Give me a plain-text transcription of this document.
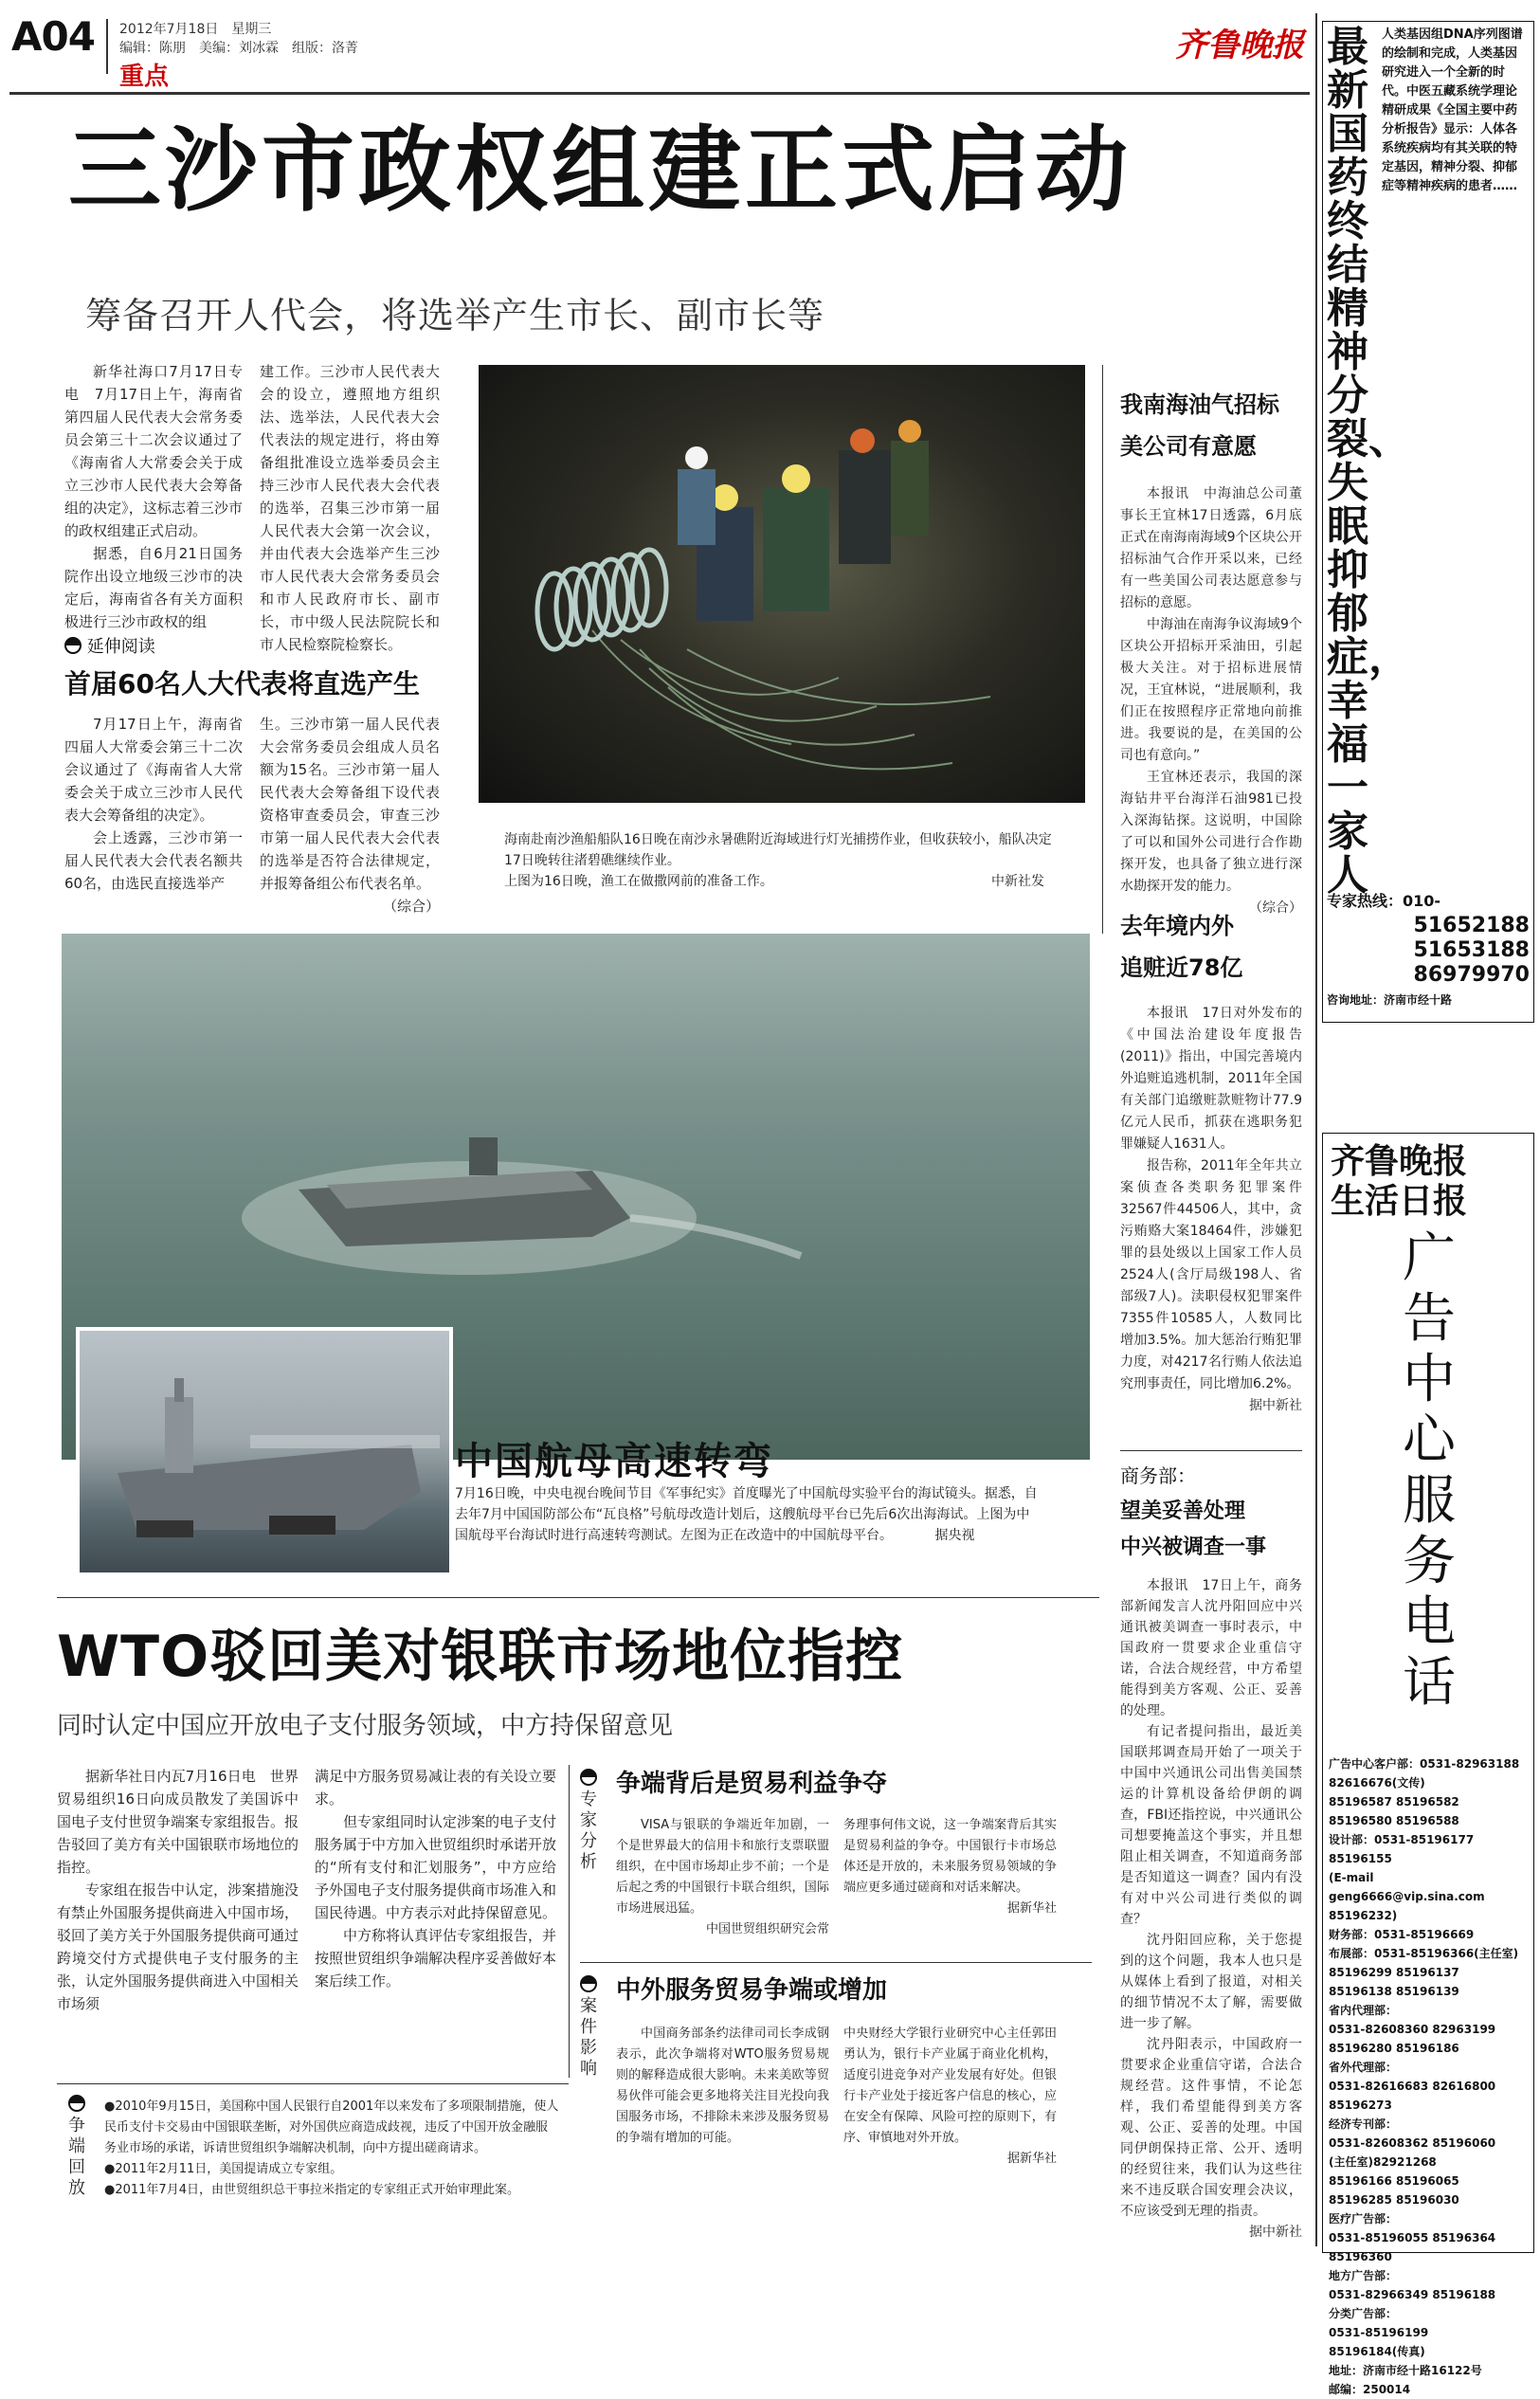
A04 2012年7月18日　星期三
编辑：陈朋　美编：刘冰霖　组版：洛菁
重点
齐鲁晚报
三沙市政权组建正式启动
筹备召开人代会，将选举产生市长、副市长等

新华社海口7月17日专电　7月17日上午，海南省第四届人民代表大会常务委员会第三十二次会议通过了《海南省人大常委会关于成立三沙市人民代表大会筹备组的决定》，这标志着三沙市的政权组建正式启动。

据悉，自6月21日国务院作出设立地级三沙市的决定后，海南省各有关方面积极进行三沙市政权的组

建工作。三沙市人民代表大会的设立，遵照地方组织法、选举法，人民代表大会代表法的规定进行，将由筹备组批准设立选举委员会主持三沙市人民代表大会代表的选举，召集三沙市第一届人民代表大会第一次会议，并由代表大会选举产生三沙市人民代表大会常务委员会和市人民政府市长、副市长，市中级人民法院院长和市人民检察院检察长。

延伸阅读
首届60名人大代表将直选产生

7月17日上午，海南省四届人大常委会第三十二次会议通过了《海南省人大常委会关于成立三沙市人民代表大会筹备组的决定》。

会上透露，三沙市第一届人民代表大会代表名额共60名，由选民直接选举产

生。三沙市第一届人民代表大会常务委员会组成人员名额为15名。三沙市第一届人民代表大会筹备组下设代表资格审查委员会，审查三沙市第一届人民代表大会代表的选举是否符合法律规定，并报筹备组公布代表名单。

（综合）
海南赴南沙渔船船队16日晚在南沙永暑礁附近海域进行灯光捕捞作业，但收获较小，船队决定17日晚转往渚碧礁继续作业。
上图为16日晚，渔工在做撒网前的准备工作。	中新社发
我南海油气招标
美公司有意愿

本报讯　中海油总公司董事长王宜林17日透露，6月底正式在南海南海域9个区块公开招标油气合作开采以来，已经有一些美国公司表达愿意参与招标的意愿。

中海油在南海争议海域9个区块公开招标开采油田，引起极大关注。对于招标进展情况，王宜林说，“进展顺利，我们正在按照程序正常地向前推进。我要说的是，在美国的公司也有意向。”

王宜林还表示，我国的深海钻井平台海洋石油981已投入深海钻探。这说明，中国除了可以和国外公司进行合作勘探开发，也具备了独立进行深水勘探开发的能力。

（综合）
去年境内外
追赃近78亿

本报讯　17日对外发布的《中国法治建设年度报告(2011)》指出，中国完善境内外追赃追逃机制，2011年全国有关部门追缴赃款赃物计77.9亿元人民币，抓获在逃职务犯罪嫌疑人1631人。

报告称，2011年全年共立案侦查各类职务犯罪案件32567件44506人，其中，贪污贿赂大案18464件，涉嫌犯罪的县处级以上国家工作人员2524人(含厅局级198人、省部级7人)。渎职侵权犯罪案件7355件10585人，人数同比增加3.5%。加大惩治行贿犯罪力度，对4217名行贿人依法追究刑事责任，同比增加6.2%。

据中新社
商务部：
望美妥善处理
中兴被调查一事

本报讯　17日上午，商务部新闻发言人沈丹阳回应中兴通讯被美调查一事时表示，中国政府一贯要求企业重信守诺，合法合规经营，中方希望能得到美方客观、公正、妥善的处理。

有记者提问指出，最近美国联邦调查局开始了一项关于中国中兴通讯公司出售美国禁运的计算机设备给伊朗的调查，FBI还指控说，中兴通讯公司想要掩盖这个事实，并且想阻止相关调查，不知道商务部是否知道这一调查？国内有没有对中兴公司进行类似的调查？

沈丹阳回应称，关于您提到的这个问题，我本人也只是从媒体上看到了报道，对相关的细节情况不太了解，需要做进一步了解。

沈丹阳表示，中国政府一贯要求企业重信守诺，合法合规经营。这件事情，不论怎样，我们希望能得到美方客观、公正、妥善的处理。中国同伊朗保持正常、公开、透明的经贸往来，我们认为这些往来不违反联合国安理会决议，不应该受到无理的指责。

据中新社
中国航母高速转弯
7月16日晚，中央电视台晚间节目《军事纪实》首度曝光了中国航母实验平台的海试镜头。据悉，自去年7月中国国防部公布“瓦良格”号航母改造计划后，这艘航母平台已先后6次出海海试。上图为中国航母平台海试时进行高速转弯测试。左图为正在改造中的中国航母平台。	据央视
WTO驳回美对银联市场地位指控
同时认定中国应开放电子支付服务领域，中方持保留意见

据新华社日内瓦7月16日电　世界贸易组织16日向成员散发了美国诉中国电子支付世贸争端案专家组报告。报告驳回了美方有关中国银联市场地位的指控。

专家组在报告中认定，涉案措施没有禁止外国服务提供商进入中国市场，驳回了美方关于外国服务提供商可通过跨境交付方式提供电子支付服务的主张，认定外国服务提供商进入中国相关市场须

满足中方服务贸易减让表的有关设立要求。

但专家组同时认定涉案的电子支付服务属于中方加入世贸组织时承诺开放的“所有支付和汇划服务”，中方应给予外国电子支付服务提供商市场准入和国民待遇。中方表示对此持保留意见。

中方称将认真评估专家组报告，并按照世贸组织争端解决程序妥善做好本案后续工作。

专家分析
争端背后是贸易利益争夺

VISA与银联的争端近年加剧，一个是世界最大的信用卡和旅行支票联盟组织，在中国市场却止步不前；一个是后起之秀的中国银行卡联合组织，国际市场进展迅猛。

中国世贸组织研究会常

务理事何伟文说，这一争端案背后其实是贸易利益的争夺。中国银行卡市场总体还是开放的，未来服务贸易领域的争端应更多通过磋商和对话来解决。

据新华社
案件影响
中外服务贸易争端或增加

中国商务部条约法律司司长李成钢表示，此次争端将对WTO服务贸易规则的解释造成很大影响。未来美欧等贸易伙伴可能会更多地将关注目光投向我国服务市场，不排除未来涉及服务贸易的争端有增加的可能。

中央财经大学银行业研究中心主任郭田勇认为，银行卡产业属于商业化机构，适度引进竞争对产业发展有好处。但银行卡产业处于接近客户信息的核心，应在安全有保障、风险可控的原则下，有序、审慎地对外开放。

据新华社
争端回放
●2010年9月15日，美国称中国人民银行自2001年以来发布了多项限制措施，使人民币支付卡交易由中国银联垄断，对外国供应商造成歧视，违反了中国开放金融服务业市场的承诺，诉请世贸组织争端解决机制，向中方提出磋商请求。
●2011年2月11日，美国提请成立专家组。
●2011年7月4日，由世贸组织总干事拉米指定的专家组正式开始审理此案。
最新国药终结精神分裂、失眠抑郁症，幸福一家人
人类基因组DNA序列图谱的绘制和完成，人类基因研究进入一个全新的时代。中医五藏系统学理论精研成果《全国主要中药分析报告》显示：人体各系统疾病均有其关联的特定基因，精神分裂、抑郁症等精神疾病的患者……
专家热线：010-
51652188
51653188
86979970
咨询地址：济南市经十路
齐鲁晚报
生活日报
广告中心服务电话
广告中心客户部：0531-82963188 82616676(文传)
85196587 85196582
85196580 85196588
设计部：0531-85196177 85196155
(E-mail geng6666@vip.sina.com 85196232)
财务部：0531-85196669
布展部：0531-85196366(主任室)
85196299 85196137
85196138 85196139
省内代理部：
0531-82608360 82963199
85196280 85196186
省外代理部：
0531-82616683 82616800
85196273
经济专刊部：
0531-82608362 85196060
(主任室)82921268
85196166 85196065
85196285 85196030
医疗广告部：
0531-85196055 85196364
85196360
地方广告部：
0531-82966349 85196188
分类广告部：
0531-85196199
85196184(传真)
地址：济南市经十路16122号
邮编：250014
